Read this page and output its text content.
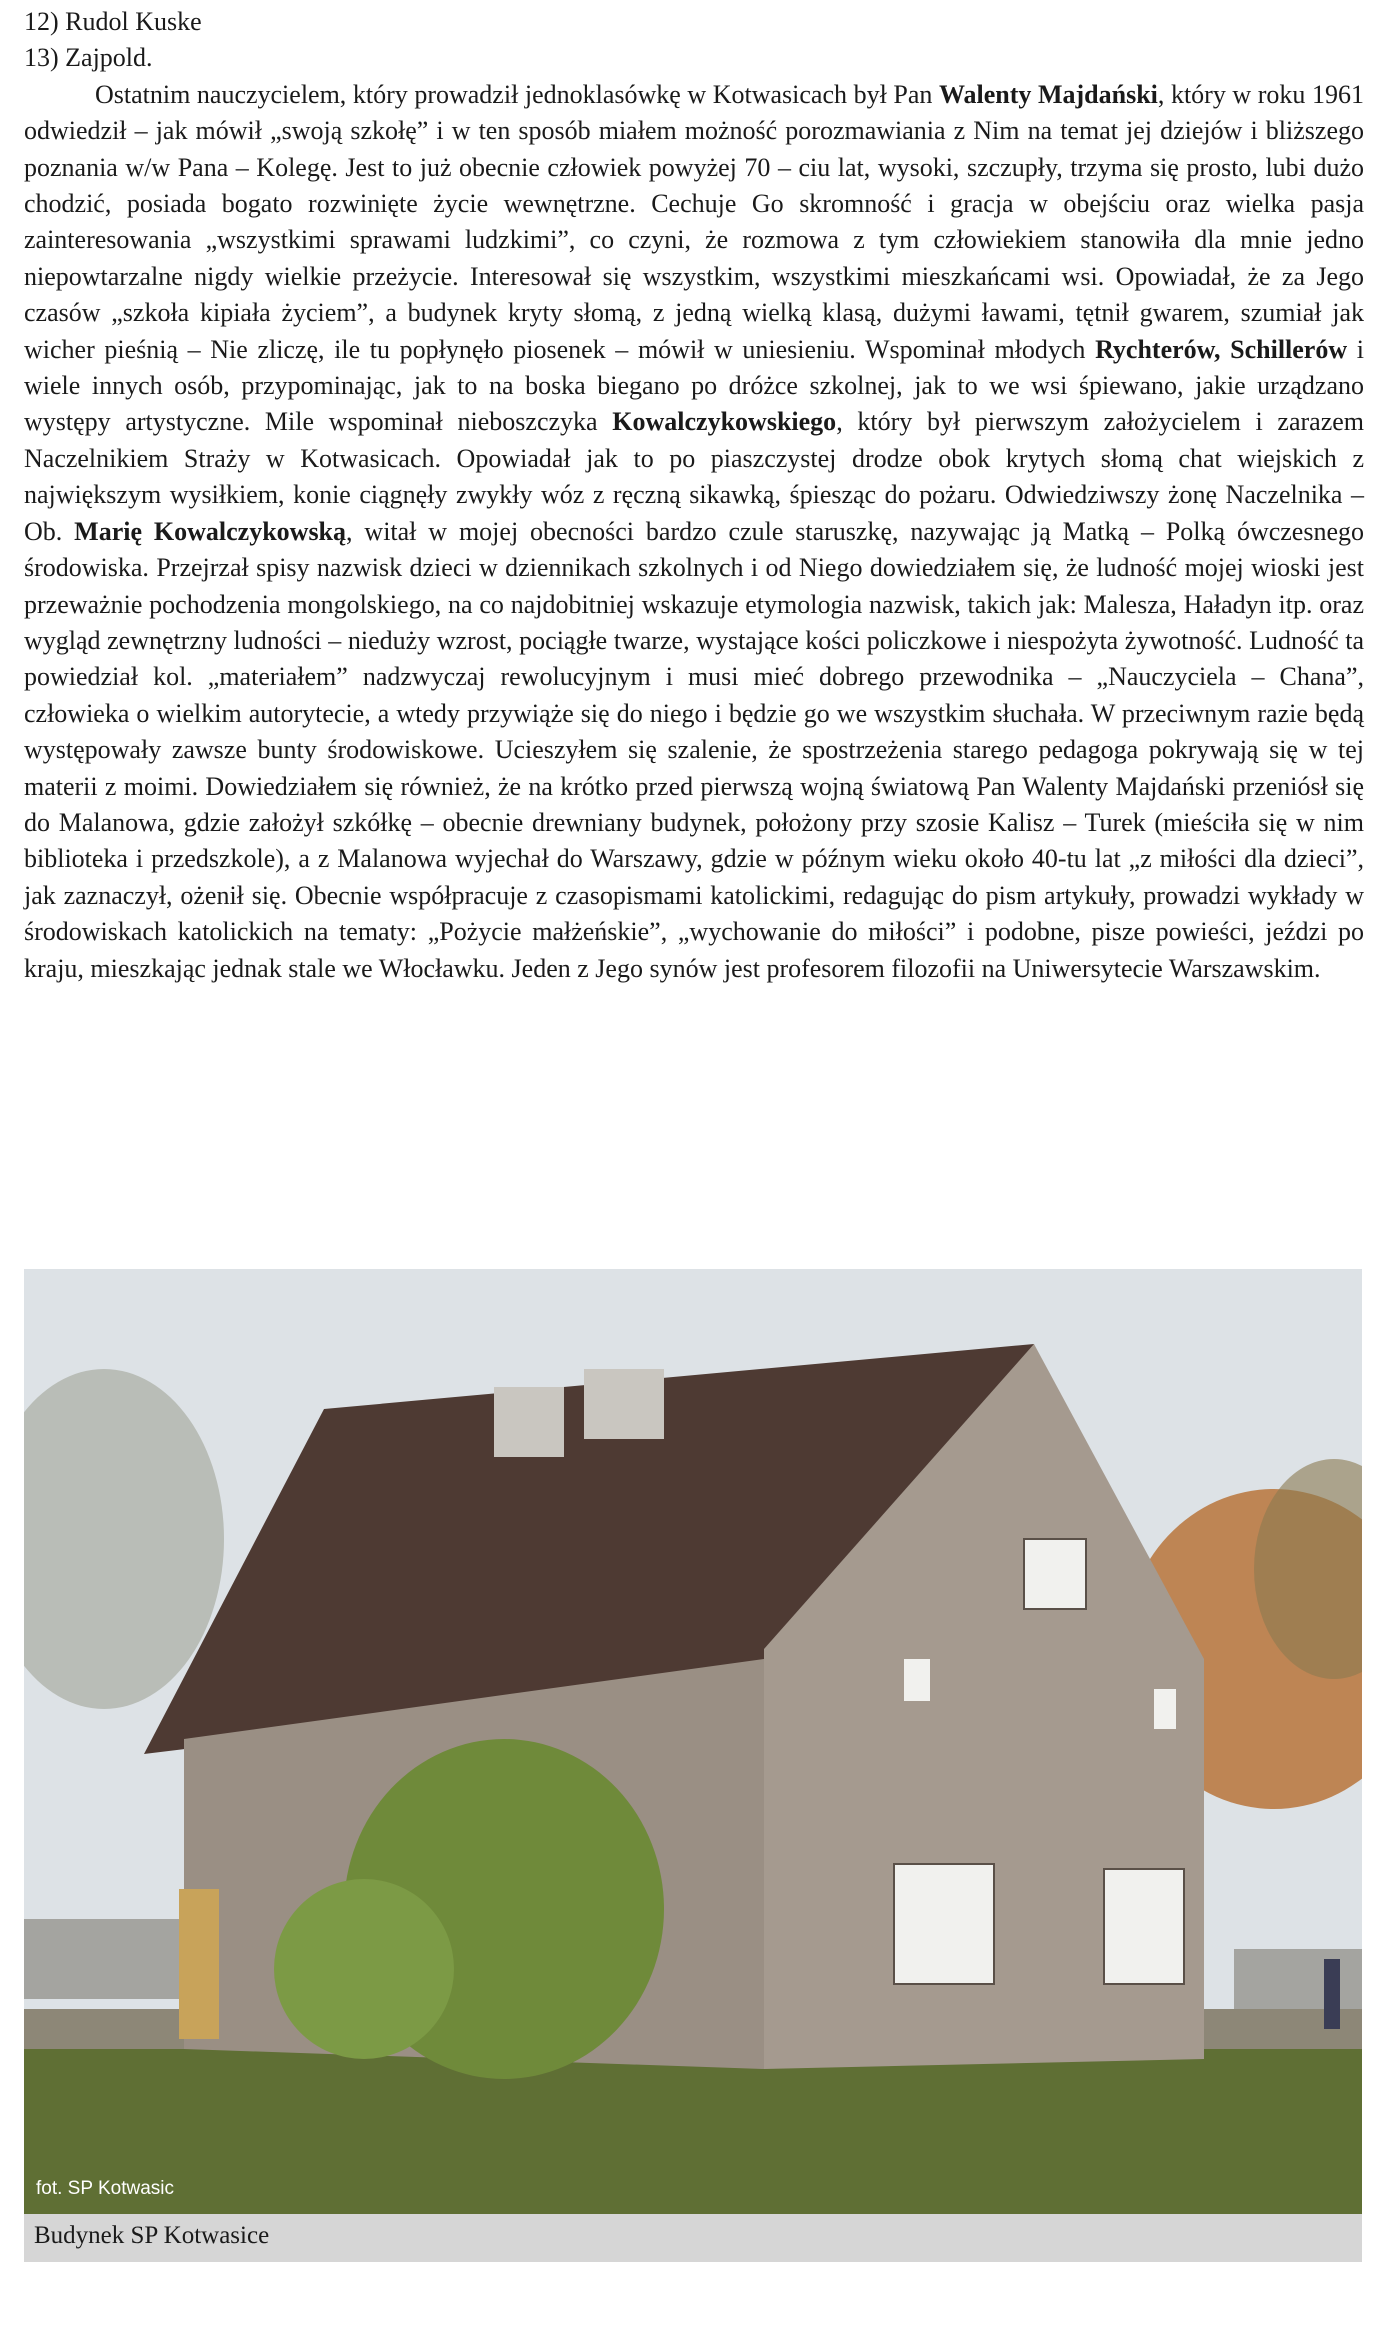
12) Rudol Kuske

13) Zajpold.

Ostatnim nauczycielem, który prowadził jednoklasówkę w Kotwasicach był Pan Walenty Majdański, który w roku 1961 odwiedził – jak mówił „swoją szkołę” i w ten sposób miałem możność porozmawiania z Nim na temat jej dziejów i bliższego poznania w/w Pana – Kolegę. Jest to już obecnie człowiek powyżej 70 – ciu lat, wysoki, szczupły, trzyma się prosto, lubi dużo chodzić, posiada bogato rozwinięte życie wewnętrzne. Cechuje Go skromność i gracja w obejściu oraz wielka pasja zainteresowania „wszystkimi sprawami ludzkimi”, co czyni, że rozmowa z tym człowiekiem stanowiła dla mnie jedno niepowtarzalne nigdy wielkie przeżycie. Interesował się wszystkim, wszystkimi mieszkańcami wsi. Opowiadał, że za Jego czasów „szkoła kipiała życiem”, a budynek kryty słomą, z jedną wielką klasą, dużymi ławami, tętnił gwarem, szumiał jak wicher pieśnią – Nie zliczę, ile tu popłynęło piosenek – mówił w uniesieniu. Wspominał młodych Rychterów, Schillerów i wiele innych osób, przypominając, jak to na boska biegano po dróżce szkolnej, jak to we wsi śpiewano, jakie urządzano występy artystyczne. Mile wspominał nieboszczyka Kowalczykowskiego, który był pierwszym założycielem i zarazem Naczelnikiem Straży w Kotwasicach. Opowiadał jak to po piaszczystej drodze obok krytych słomą chat wiejskich z największym wysiłkiem, konie ciągnęły zwykły wóz z ręczną sikawką, śpiesząc do pożaru. Odwiedziwszy żonę Naczelnika – Ob. Marię Kowalczykowską, witał w mojej obecności bardzo czule staruszkę, nazywając ją Matką – Polką ówczesnego środowiska. Przejrzał spisy nazwisk dzieci w dziennikach szkolnych i od Niego dowiedziałem się, że ludność mojej wioski jest przeważnie pochodzenia mongolskiego, na co najdobitniej wskazuje etymologia nazwisk, takich jak: Malesza, Haładyn itp. oraz wygląd zewnętrzny ludności – nieduży wzrost, pociągłe twarze, wystające kości policzkowe i niespożyta żywotność. Ludność ta powiedział kol. „materiałem” nadzwyczaj rewolucyjnym i musi mieć dobrego przewodnika – „Nauczyciela – Chana”, człowieka o wielkim autorytecie, a wtedy przywiąże się do niego i będzie go we wszystkim słuchała. W przeciwnym razie będą występowały zawsze bunty środowiskowe. Ucieszyłem się szalenie, że spostrzeżenia starego pedagoga pokrywają się w tej materii z moimi. Dowiedziałem się również, że na krótko przed pierwszą wojną światową Pan Walenty Majdański przeniósł się do Malanowa, gdzie założył szkółkę – obecnie drewniany budynek, położony przy szosie Kalisz – Turek (mieściła się w nim biblioteka i przedszkole), a z Malanowa wyjechał do Warszawy, gdzie w późnym wieku około 40-tu lat „z miłości dla dzieci”, jak zaznaczył, ożenił się. Obecnie współpracuje z czasopismami katolickimi, redagując do pism artykuły, prowadzi wykłady w środowiskach katolickich na tematy: „Pożycie małżeńskie”, „wychowanie do miłości” i podobne, pisze powieści, jeździ po kraju, mieszkając jednak stale we Włocławku. Jeden z Jego synów jest profesorem filozofii na Uniwersytecie Warszawskim.

fot. SP Kotwasic
Budynek SP Kotwasice
